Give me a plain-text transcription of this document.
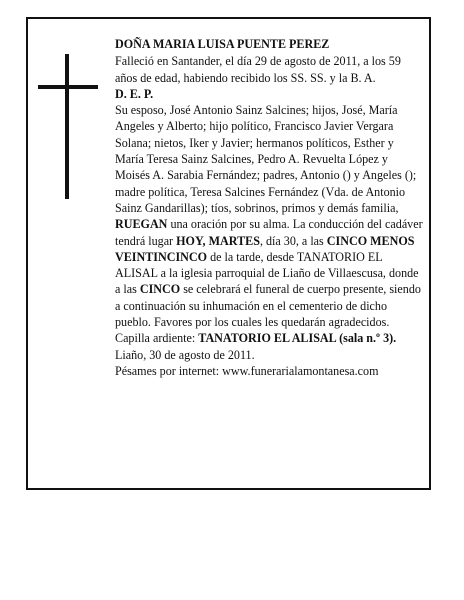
DOÑA MARIA LUISA PUENTE PEREZ

Falleció en Santander, el día 29 de agosto de 2011, a los 59 años de edad, habiendo recibido los SS. SS. y la B. A.

D. E. P.

Su esposo, José Antonio Sainz Salcines; hijos, José, María Angeles y Alberto; hijo político, Francisco Javier Vergara Solana; nietos, Iker y Javier; hermanos políticos, Esther y María Teresa Sainz Salcines, Pedro A. Revuelta López y Moisés A. Sarabia Fernández; padres, Antonio () y Angeles (); madre política, Teresa Salcines Fernández (Vda. de Antonio Sainz Gandarillas); tíos, sobrinos, primos y demás familia, RUEGAN una oración por su alma. La conducción del cadáver tendrá lugar HOY, MARTES, día 30, a las CINCO MENOS VEINTINCINCO de la tarde, desde TANATORIO EL ALISAL a la iglesia parroquial de Liaño de Villaescusa, donde a las CINCO se celebrará el funeral de cuerpo presente, siendo a continuación su inhumación en el cementerio de dicho pueblo. Favores por los cuales les quedarán agradecidos. Capilla ardiente: TANATORIO EL ALISAL (sala n.º 3).

Liaño, 30 de agosto de 2011.

Pésames por internet: www.funerarialamontanesa.com
